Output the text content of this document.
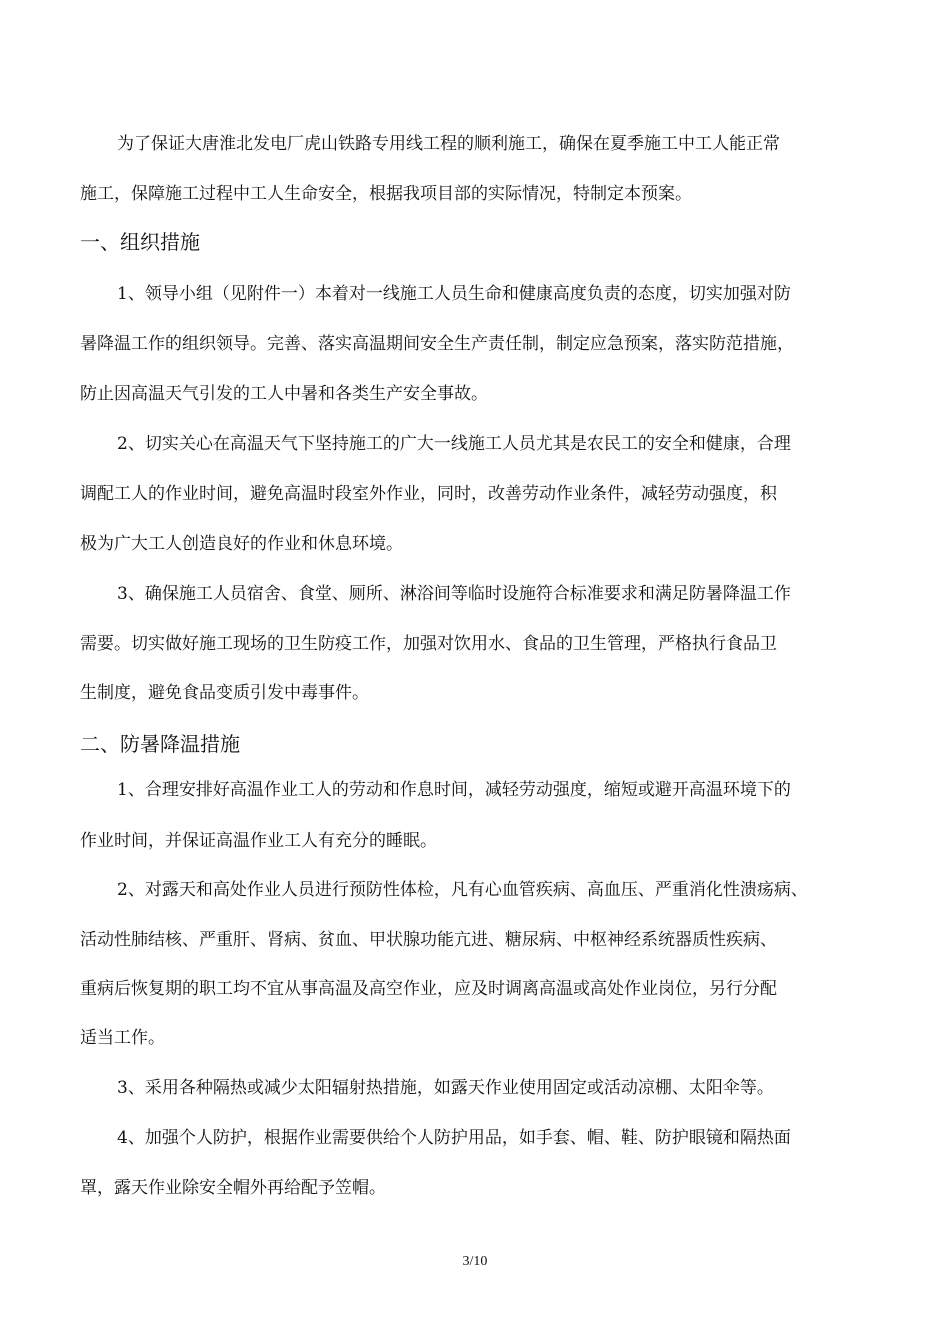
为了保证大唐淮北发电厂虎山铁路专用线工程的顺利施工，确保在夏季施工中工人能正常
施工，保障施工过程中工人生命安全，根据我项目部的实际情况，特制定本预案。
一、组织措施
1、领导小组（见附件一）本着对一线施工人员生命和健康高度负责的态度，切实加强对防
暑降温工作的组织领导。完善、落实高温期间安全生产责任制，制定应急预案，落实防范措施，
防止因高温天气引发的工人中暑和各类生产安全事故。
2、切实关心在高温天气下坚持施工的广大一线施工人员尤其是农民工的安全和健康，合理
调配工人的作业时间，避免高温时段室外作业，同时，改善劳动作业条件，减轻劳动强度，积
极为广大工人创造良好的作业和休息环境。
3、确保施工人员宿舍、食堂、厕所、淋浴间等临时设施符合标准要求和满足防暑降温工作
需要。切实做好施工现场的卫生防疫工作，加强对饮用水、食品的卫生管理，严格执行食品卫
生制度，避免食品变质引发中毒事件。
二、防暑降温措施
1、合理安排好高温作业工人的劳动和作息时间，减轻劳动强度，缩短或避开高温环境下的
作业时间，并保证高温作业工人有充分的睡眠。
2、对露天和高处作业人员进行预防性体检，凡有心血管疾病、高血压、严重消化性溃疡病、
活动性肺结核、严重肝、肾病、贫血、甲状腺功能亢进、糖尿病、中枢神经系统器质性疾病、
重病后恢复期的职工均不宜从事高温及高空作业，应及时调离高温或高处作业岗位，另行分配
适当工作。
3、采用各种隔热或减少太阳辐射热措施，如露天作业使用固定或活动凉棚、太阳伞等。
4、加强个人防护，根据作业需要供给个人防护用品，如手套、帽、鞋、防护眼镜和隔热面
罩，露天作业除安全帽外再给配予笠帽。
3/10
